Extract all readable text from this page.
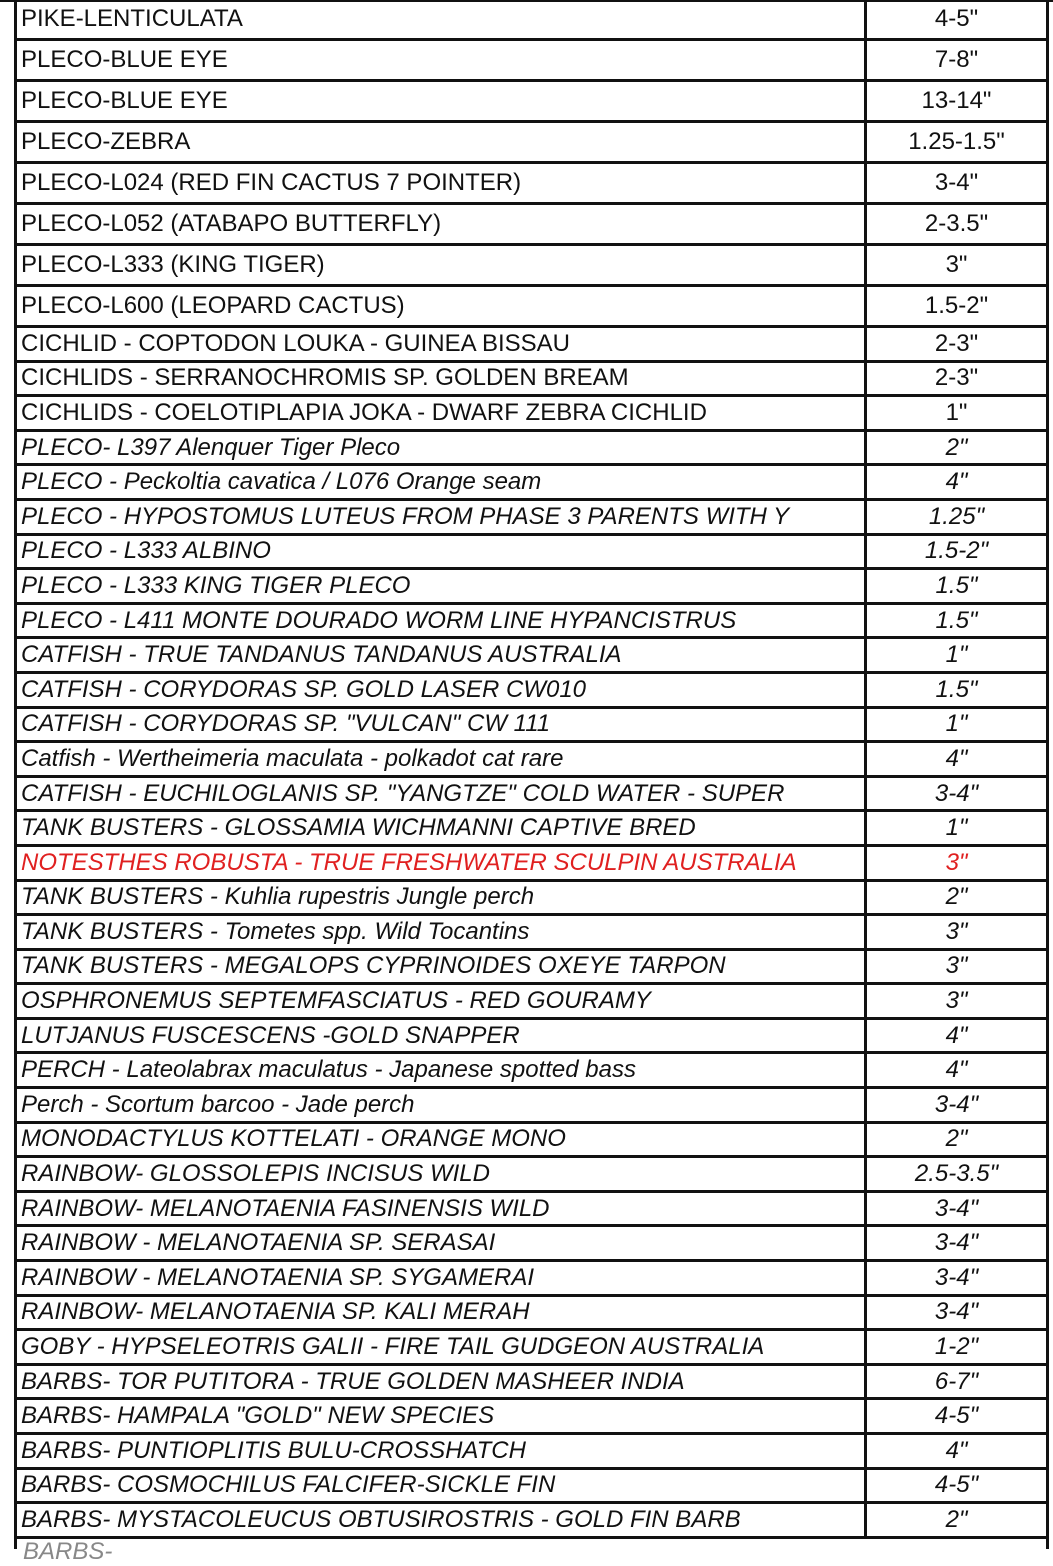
PIKE-LENTICULATA	4-5"
PLECO-BLUE EYE	7-8"
PLECO-BLUE EYE	13-14"
PLECO-ZEBRA	1.25-1.5"
PLECO-L024 (RED FIN CACTUS 7 POINTER)	3-4"
PLECO-L052 (ATABAPO BUTTERFLY)	2-3.5"
PLECO-L333 (KING TIGER)	3"
PLECO-L600 (LEOPARD CACTUS)	1.5-2"
CICHLID - COPTODON LOUKA - GUINEA BISSAU	2-3"
CICHLIDS - SERRANOCHROMIS SP. GOLDEN BREAM	2-3"
CICHLIDS - COELOTIPLAPIA JOKA - DWARF ZEBRA CICHLID	1"
PLECO- L397 Alenquer Tiger Pleco	2"
PLECO - Peckoltia cavatica / L076 Orange seam	4"
PLECO - HYPOSTOMUS LUTEUS FROM PHASE 3 PARENTS WITH Y	1.25"
PLECO - L333 ALBINO	1.5-2"
PLECO - L333 KING TIGER PLECO	1.5"
PLECO - L411 MONTE DOURADO WORM LINE HYPANCISTRUS	1.5"
CATFISH - TRUE TANDANUS TANDANUS AUSTRALIA	1"
CATFISH - CORYDORAS SP. GOLD LASER CW010	1.5"
CATFISH - CORYDORAS SP. "VULCAN" CW 111	1"
Catfish - Wertheimeria maculata - polkadot cat rare	4"
CATFISH - EUCHILOGLANIS SP. "YANGTZE" COLD WATER - SUPER	3-4"
TANK BUSTERS - GLOSSAMIA WICHMANNI CAPTIVE BRED	1"
NOTESTHES ROBUSTA - TRUE FRESHWATER SCULPIN AUSTRALIA	3"
TANK BUSTERS - Kuhlia rupestris Jungle perch	2"
TANK BUSTERS - Tometes spp. Wild Tocantins	3"
TANK BUSTERS - MEGALOPS CYPRINOIDES OXEYE TARPON	3"
OSPHRONEMUS SEPTEMFASCIATUS - RED GOURAMY	3"
LUTJANUS FUSCESCENS -GOLD SNAPPER	4"
PERCH - Lateolabrax maculatus - Japanese spotted bass	4"
Perch - Scortum barcoo - Jade perch	3-4"
MONODACTYLUS KOTTELATI - ORANGE MONO	2"
RAINBOW- GLOSSOLEPIS INCISUS WILD	2.5-3.5"
RAINBOW- MELANOTAENIA FASINENSIS WILD	3-4"
RAINBOW - MELANOTAENIA SP. SERASAI	3-4"
RAINBOW - MELANOTAENIA SP. SYGAMERAI	3-4"
RAINBOW- MELANOTAENIA SP. KALI MERAH	3-4"
GOBY - HYPSELEOTRIS GALII - FIRE TAIL GUDGEON AUSTRALIA	1-2"
BARBS- TOR PUTITORA - TRUE GOLDEN MASHEER INDIA	6-7"
BARBS- HAMPALA "GOLD" NEW SPECIES	4-5"
BARBS- PUNTIOPLITIS BULU-CROSSHATCH	4"
BARBS- COSMOCHILUS FALCIFER-SICKLE FIN	4-5"
BARBS- MYSTACOLEUCUS OBTUSIROSTRIS - GOLD FIN BARB	2"
BARBS-
